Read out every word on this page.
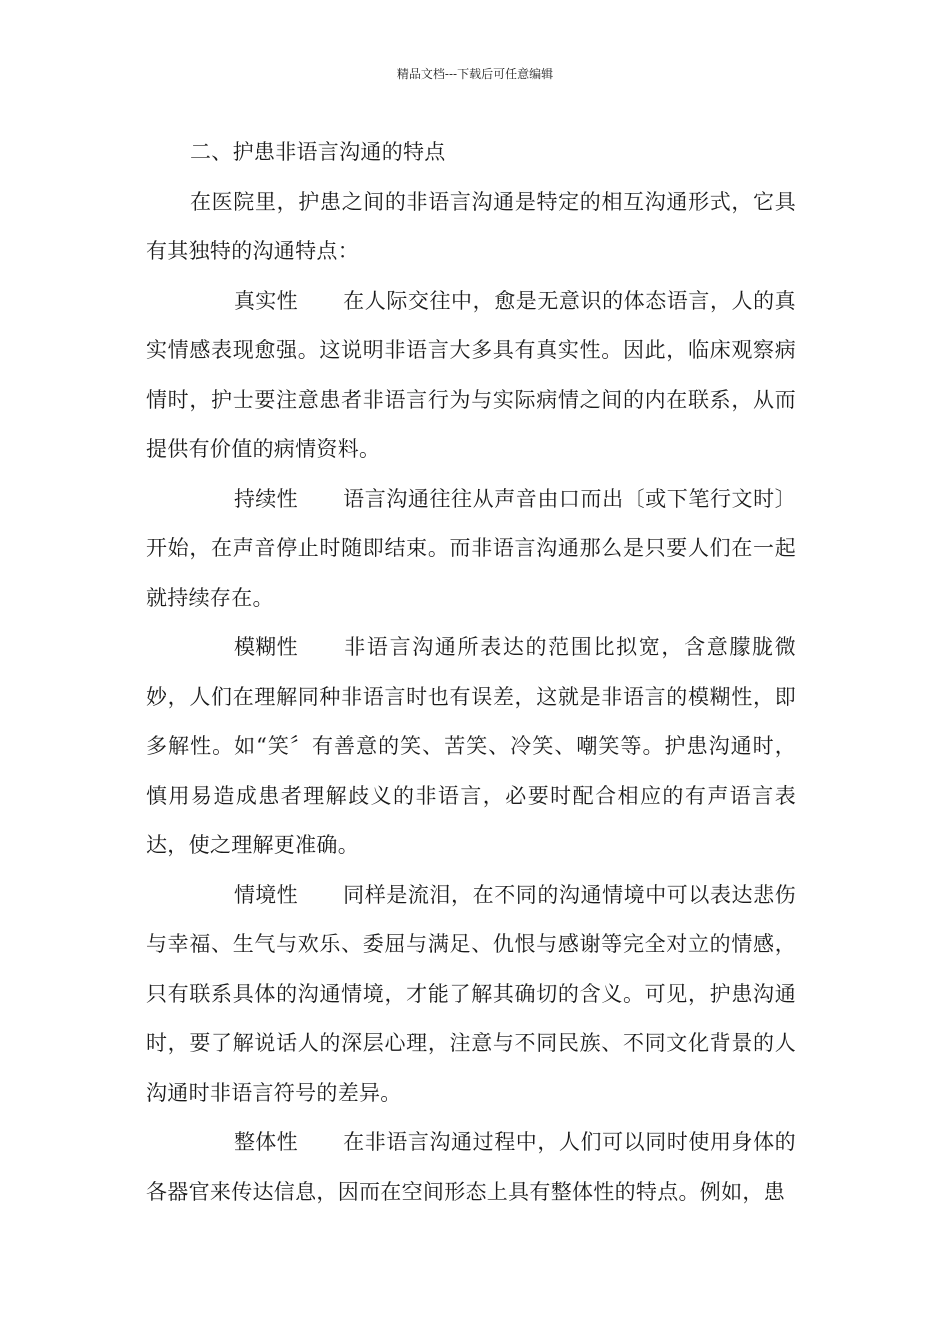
精品文档---下载后可任意编辑

二、护患非语言沟通的特点

在医院里，护患之间的非语言沟通是特定的相互沟通形式，它具有其独特的沟通特点：

真实性 在人际交往中，愈是无意识的体态语言，人的真实情感表现愈强。这说明非语言大多具有真实性。因此，临床观察病情时，护士要注意患者非语言行为与实际病情之间的内在联系，从而提供有价值的病情资料。

持续性 语言沟通往往从声音由口而出〔或下笔行文时〕开始，在声音停止时随即结束。而非语言沟通那么是只要人们在一起就持续存在。

模糊性 非语言沟通所表达的范围比拟宽，含意朦胧微妙，人们在理解同种非语言时也有误差，这就是非语言的模糊性，即多解性。如“笑〞有善意的笑、苦笑、冷笑、嘲笑等。护患沟通时，慎用易造成患者理解歧义的非语言，必要时配合相应的有声语言表达，使之理解更准确。

情境性 同样是流泪，在不同的沟通情境中可以表达悲伤与幸福、生气与欢乐、委屈与满足、仇恨与感谢等完全对立的情感，只有联系具体的沟通情境，才能了解其确切的含义。可见，护患沟通时，要了解说话人的深层心理，注意与不同民族、不同文化背景的人沟通时非语言符号的差异。

整体性 在非语言沟通过程中，人们可以同时使用身体的各器官来传达信息，因而在空间形态上具有整体性的特点。例如，患
